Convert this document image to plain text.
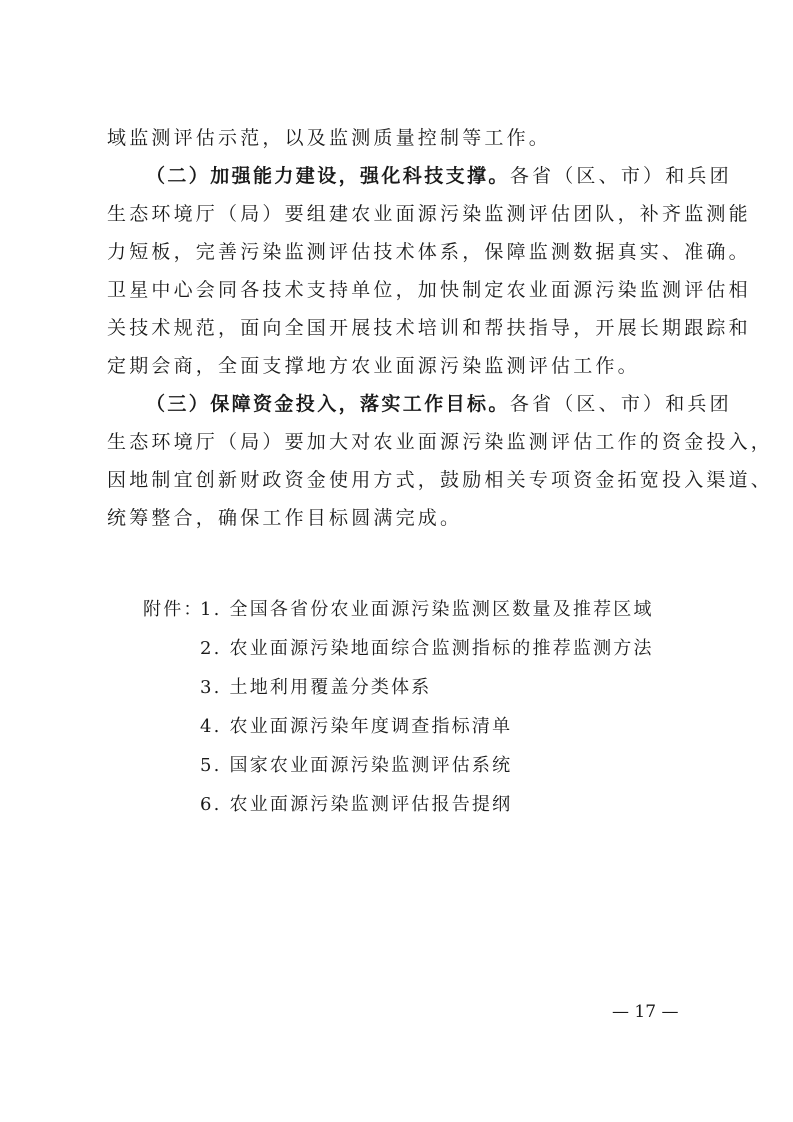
域监测评估示范，以及监测质量控制等工作。
（二）加强能力建设，强化科技支撑。各省（区、市）和兵团
生态环境厅（局）要组建农业面源污染监测评估团队，补齐监测能
力短板，完善污染监测评估技术体系，保障监测数据真实、准确。
卫星中心会同各技术支持单位，加快制定农业面源污染监测评估相
关技术规范，面向全国开展技术培训和帮扶指导，开展长期跟踪和
定期会商，全面支撑地方农业面源污染监测评估工作。
（三）保障资金投入，落实工作目标。各省（区、市）和兵团
生态环境厅（局）要加大对农业面源污染监测评估工作的资金投入，
因地制宜创新财政资金使用方式，鼓励相关专项资金拓宽投入渠道、
统筹整合，确保工作目标圆满完成。
附件：
1. 全国各省份农业面源污染监测区数量及推荐区域
2. 农业面源污染地面综合监测指标的推荐监测方法
3. 土地利用覆盖分类体系
4. 农业面源污染年度调查指标清单
5. 国家农业面源污染监测评估系统
6. 农业面源污染监测评估报告提纲
— 17 —
